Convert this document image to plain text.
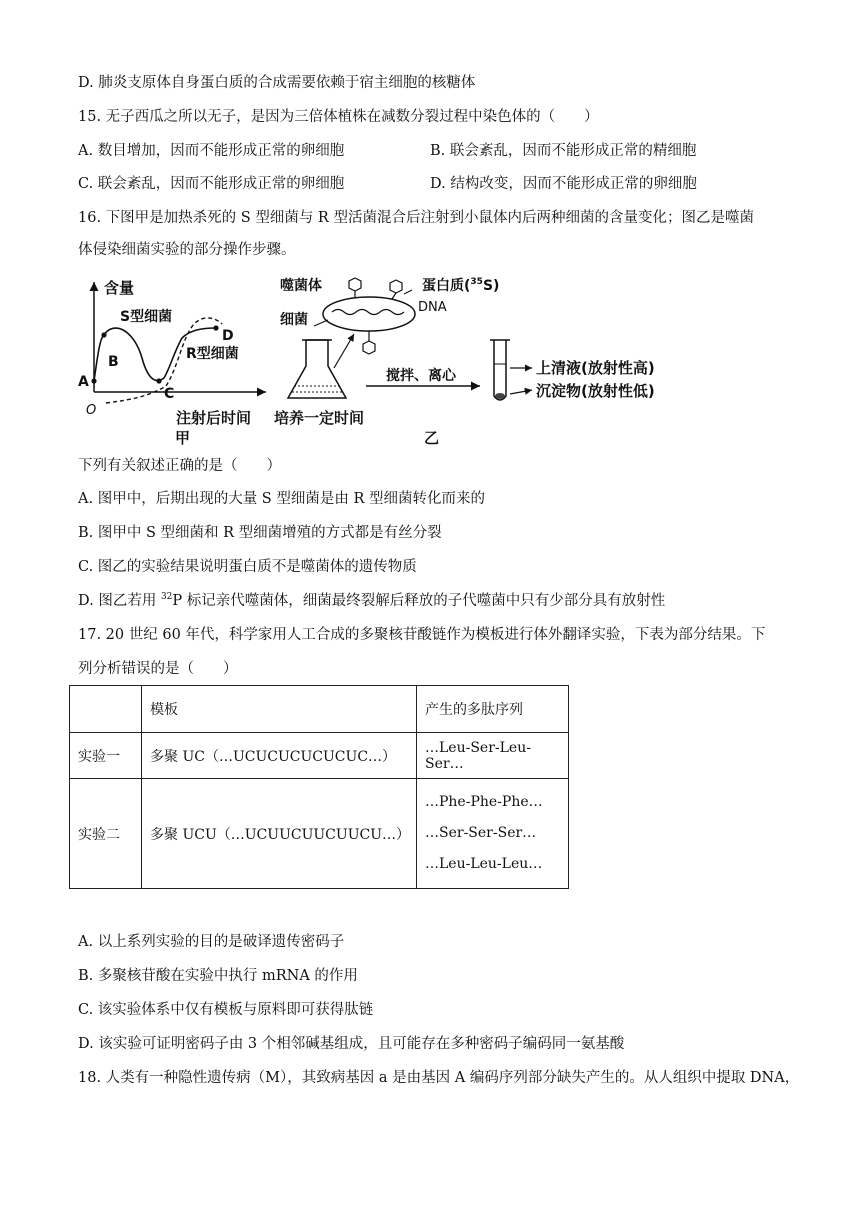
D. 肺炎支原体自身蛋白质的合成需要依赖于宿主细胞的核糖体
15. 无子西瓜之所以无子，是因为三倍体植株在减数分裂过程中染色体的（　　）
A. 数目增加，因而不能形成正常的卵细胞	B. 联会紊乱，因而不能形成正常的精细胞
C. 联会紊乱，因而不能形成正常的卵细胞	D. 结构改变，因而不能形成正常的卵细胞
16. 下图甲是加热杀死的 S 型细菌与 R 型活菌混合后注射到小鼠体内后两种细菌的含量变化；图乙是噬菌
体侵染细菌实验的部分操作步骤。
含量
O	注射后时间
甲
A
B
C
D
S型细菌
R型细菌
噬菌体
细菌
蛋白质($^{35}$S)
DNA
培养一定时间
搅拌、离心	上清液(放射性高)
沉淀物(放射性低)
乙
下列有关叙述正确的是（　　）
A. 图甲中，后期出现的大量 S 型细菌是由 R 型细菌转化而来的
B. 图甲中 S 型细菌和 R 型细菌增殖的方式都是有丝分裂
C. 图乙的实验结果说明蛋白质不是噬菌体的遗传物质
D. 图乙若用 $^{32}$P 标记亲代噬菌体，细菌最终裂解后释放的子代噬菌中只有少部分具有放射性
17. 20 世纪 60 年代，科学家用人工合成的多聚核苷酸链作为模板进行体外翻译实验，下表为部分结果。下
列分析错误的是（　　）
	模板	产生的多肽序列
实验一	多聚 UC（…UCUCUCUCUCUC…）	…Leu-Ser-Leu-Ser…
实验二	多聚 UCU（…UCUUCUUCUUCU…）	…Phe-Phe-Phe…
…Ser-Ser-Ser…
…Leu-Leu-Leu…
A. 以上系列实验的目的是破译遗传密码子
B. 多聚核苷酸在实验中执行 mRNA 的作用
C. 该实验体系中仅有模板与原料即可获得肽链
D. 该实验可证明密码子由 3 个相邻碱基组成，且可能存在多种密码子编码同一氨基酸
18. 人类有一种隐性遗传病（M），其致病基因 a 是由基因 A 编码序列部分缺失产生的。从人组织中提取 DNA，
